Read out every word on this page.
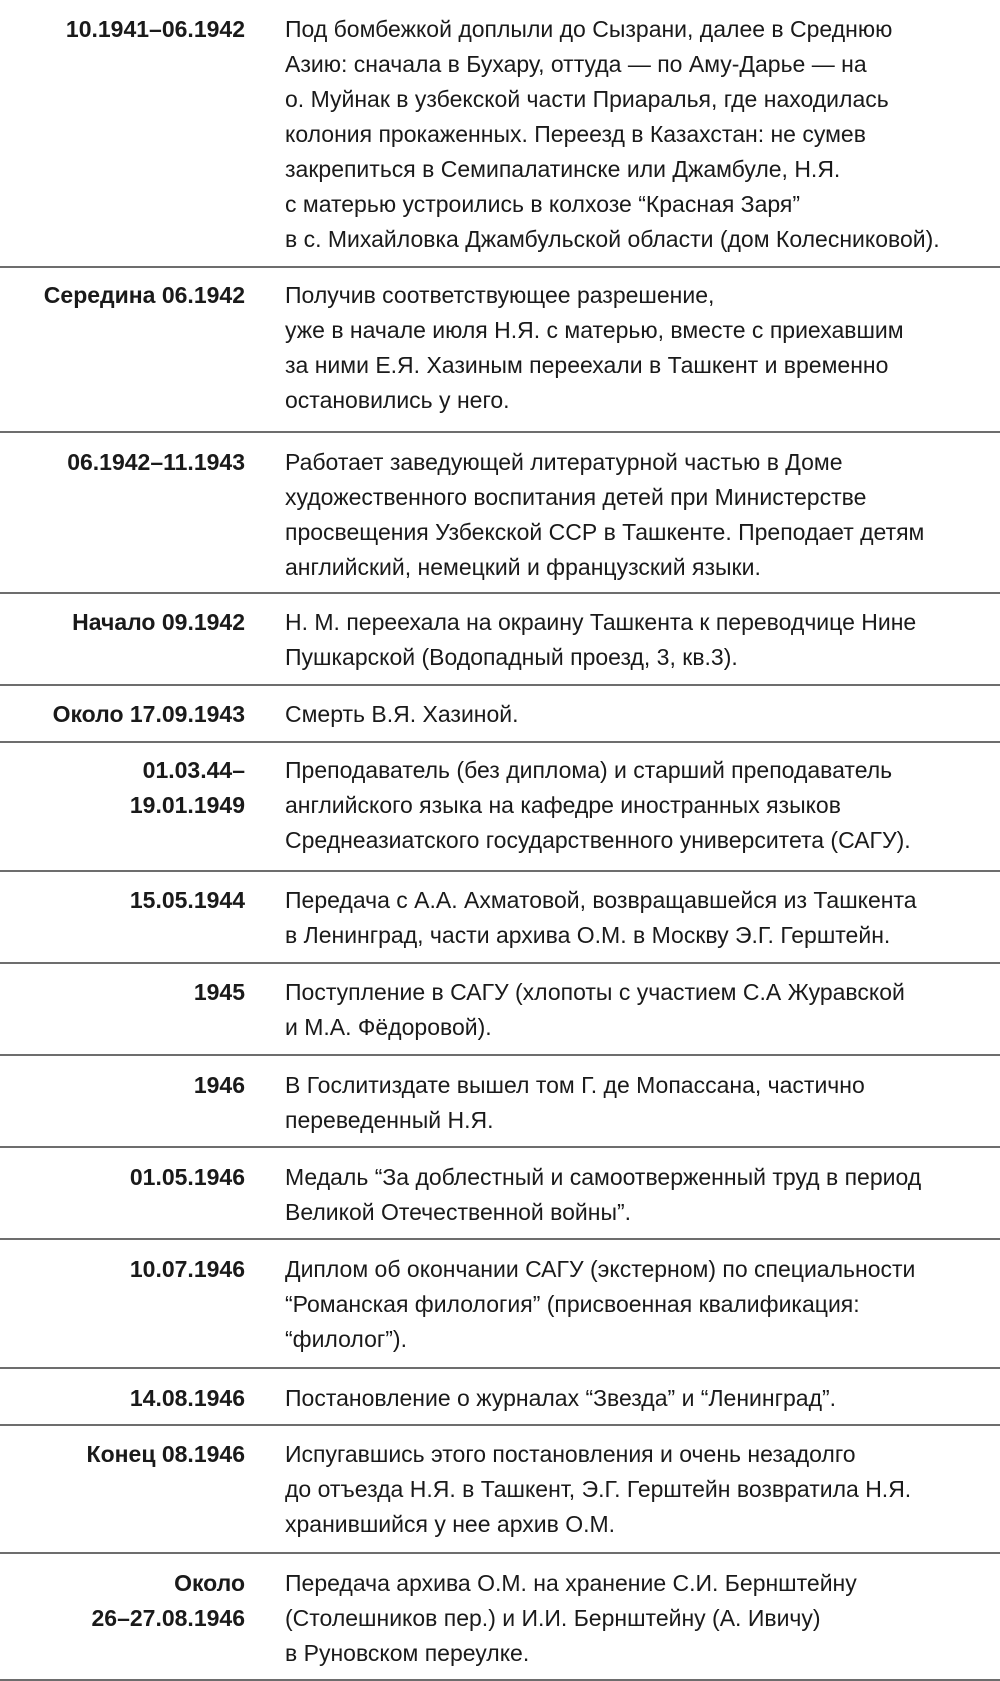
10.1941–06.1942 Под бомбежкой доплыли до Сызрани, далее в Среднюю
Азию: сначала в Бухару, оттуда — по Аму-Дарье — на
о. Муйнак в узбекской части Приаралья, где находилась
колония прокаженных. Переезд в Казахстан: не сумев
закрепиться в Семипалатинске или Джамбуле, Н.Я.
с матерью устроились в колхозе “Красная Заря”
в с. Михайловка Джамбульской области (дом Колесниковой).
Середина 06.1942 Получив соответствующее разрешение,
уже в начале июля Н.Я. с матерью, вместе с приехавшим
за ними Е.Я. Хазиным переехали в Ташкент и временно
остановились у него.
06.1942–11.1943 Работает заведующей литературной частью в Доме
художественного воспитания детей при Министерстве
просвещения Узбекской ССР в Ташкенте. Преподает детям
английский, немецкий и французский языки.
Начало 09.1942 Н. М. переехала на окраину Ташкента к переводчице Нине
Пушкарской (Водопадный проезд, 3, кв.3).
Около 17.09.1943 Смерть В.Я. Хазиной.
01.03.44–
19.01.1949
Преподаватель (без диплома) и старший преподаватель
английского языка на кафедре иностранных языков
Среднеазиатского государственного университета (САГУ).
15.05.1944 Передача с А.А. Ахматовой, возвращавшейся из Ташкента
в Ленинград, части архива О.М. в Москву Э.Г. Герштейн.
1945 Поступление в САГУ (хлопоты с участием С.А Журавской
и М.А. Фёдоровой).
1946 В Гослитиздате вышел том Г. де Мопассана, частично
переведенный Н.Я.
01.05.1946 Медаль “За доблестный и самоотверженный труд в период
Великой Отечественной войны”.
10.07.1946 Диплом об окончании САГУ (экстерном) по специальности
“Романская филология” (присвоенная квалификация:
“филолог”).
14.08.1946 Постановление о журналах “Звезда” и “Ленинград”.
Конец 08.1946 Испугавшись этого постановления и очень незадолго
до отъезда Н.Я. в Ташкент, Э.Г. Герштейн возвратила Н.Я.
хранившийся у нее архив О.М.
Около
26–27.08.1946
Передача архива О.М. на хранение С.И. Бернштейну
(Столешников пер.) и И.И. Бернштейну (А. Ивичу)
в Руновском переулке.
